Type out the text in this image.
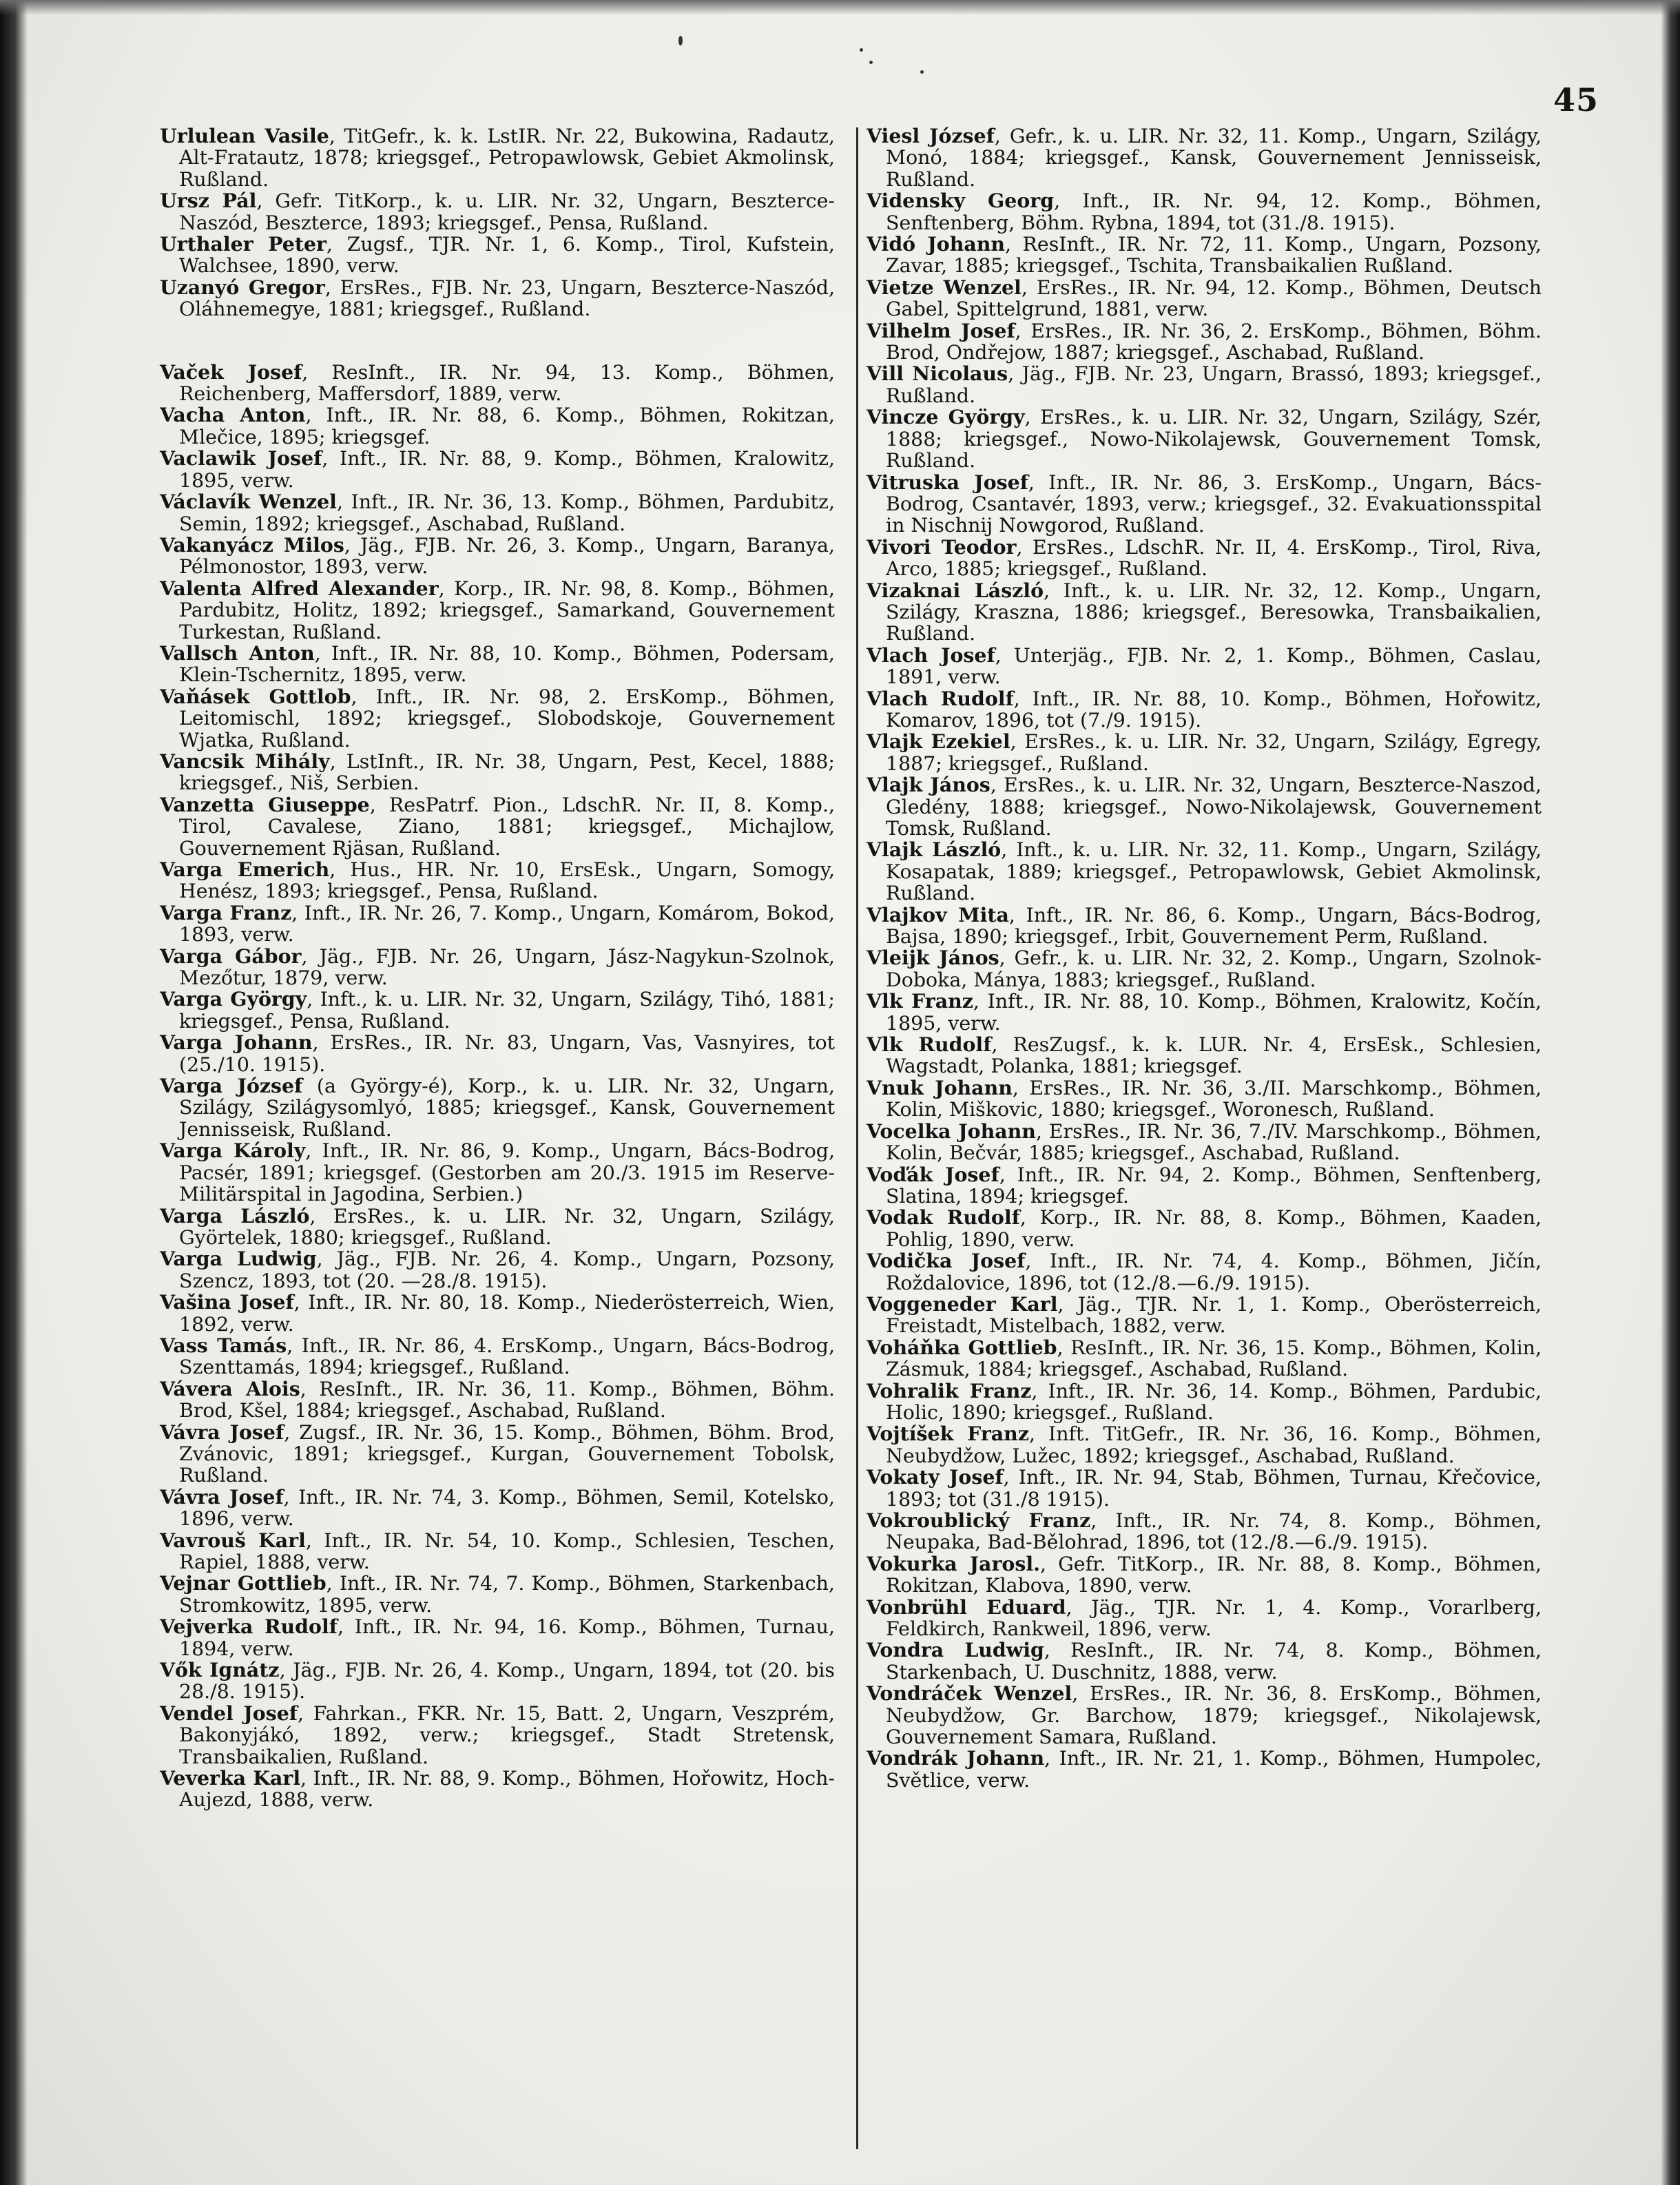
45

Urlulean Vasile, TitGefr., k. k. LstIR. Nr. 22, Bukowina, Radautz, Alt-Fratautz, 1878; kriegsgef., Petropawlowsk, Gebiet Akmolinsk, Rußland.

Ursz Pál, Gefr. TitKorp., k. u. LIR. Nr. 32, Ungarn, Beszterce-Naszód, Beszterce, 1893; kriegsgef., Pensa, Rußland.

Urthaler Peter, Zugsf., TJR. Nr. 1, 6. Komp., Tirol, Kufstein, Walchsee, 1890, verw.

Uzanyó Gregor, ErsRes., FJB. Nr. 23, Ungarn, Beszterce-Naszód, Oláhnemegye, 1881; kriegsgef., Rußland.

Vaček Josef, ResInft., IR. Nr. 94, 13. Komp., Böhmen, Reichenberg, Maffersdorf, 1889, verw.

Vacha Anton, Inft., IR. Nr. 88, 6. Komp., Böhmen, Rokitzan, Mlečice, 1895; kriegsgef.

Vaclawik Josef, Inft., IR. Nr. 88, 9. Komp., Böhmen, Kralowitz, 1895, verw.

Václavík Wenzel, Inft., IR. Nr. 36, 13. Komp., Böhmen, Pardubitz, Semin, 1892; kriegsgef., Aschabad, Rußland.

Vakanyácz Milos, Jäg., FJB. Nr. 26, 3. Komp., Ungarn, Baranya, Pélmonostor, 1893, verw.

Valenta Alfred Alexander, Korp., IR. Nr. 98, 8. Komp., Böhmen, Pardubitz, Holitz, 1892; kriegsgef., Samarkand, Gouvernement Turkestan, Rußland.

Vallsch Anton, Inft., IR. Nr. 88, 10. Komp., Böhmen, Podersam, Klein-Tschernitz, 1895, verw.

Vaňásek Gottlob, Inft., IR. Nr. 98, 2. ErsKomp., Böhmen, Leitomischl, 1892; kriegsgef., Slobodskoje, Gouvernement Wjatka, Rußland.

Vancsik Mihály, LstInft., IR. Nr. 38, Ungarn, Pest, Kecel, 1888; kriegsgef., Niš, Serbien.

Vanzetta Giuseppe, ResPatrf. Pion., LdschR. Nr. II, 8. Komp., Tirol, Cavalese, Ziano, 1881; kriegsgef., Michajlow, Gouvernement Rjäsan, Rußland.

Varga Emerich, Hus., HR. Nr. 10, ErsEsk., Ungarn, Somogy, Henész, 1893; kriegsgef., Pensa, Rußland.

Varga Franz, Inft., IR. Nr. 26, 7. Komp., Ungarn, Komárom, Bokod, 1893, verw.

Varga Gábor, Jäg., FJB. Nr. 26, Ungarn, Jász-Nagykun-Szolnok, Mezőtur, 1879, verw.

Varga György, Inft., k. u. LIR. Nr. 32, Ungarn, Szilágy, Tihó, 1881; kriegsgef., Pensa, Rußland.

Varga Johann, ErsRes., IR. Nr. 83, Ungarn, Vas, Vasnyires, tot (25./10. 1915).

Varga József (a György-é), Korp., k. u. LIR. Nr. 32, Ungarn, Szilágy, Szilágysomlyó, 1885; kriegsgef., Kansk, Gouvernement Jennisseisk, Rußland.

Varga Károly, Inft., IR. Nr. 86, 9. Komp., Ungarn, Bács-Bodrog, Pacsér, 1891; kriegsgef. (Gestorben am 20./3. 1915 im Reserve-Militärspital in Jagodina, Serbien.)

Varga László, ErsRes., k. u. LIR. Nr. 32, Ungarn, Szilágy, Györtelek, 1880; kriegsgef., Rußland.

Varga Ludwig, Jäg., FJB. Nr. 26, 4. Komp., Ungarn, Pozsony, Szencz, 1893, tot (20. —28./8. 1915).

Vašina Josef, Inft., IR. Nr. 80, 18. Komp., Niederösterreich, Wien, 1892, verw.

Vass Tamás, Inft., IR. Nr. 86, 4. ErsKomp., Ungarn, Bács-Bodrog, Szenttamás, 1894; kriegsgef., Rußland.

Vávera Alois, ResInft., IR. Nr. 36, 11. Komp., Böhmen, Böhm. Brod, Kšel, 1884; kriegsgef., Aschabad, Rußland.

Vávra Josef, Zugsf., IR. Nr. 36, 15. Komp., Böhmen, Böhm. Brod, Zvánovic, 1891; kriegsgef., Kurgan, Gouvernement Tobolsk, Rußland.

Vávra Josef, Inft., IR. Nr. 74, 3. Komp., Böhmen, Semil, Kotelsko, 1896, verw.

Vavrouš Karl, Inft., IR. Nr. 54, 10. Komp., Schlesien, Teschen, Rapiel, 1888, verw.

Vejnar Gottlieb, Inft., IR. Nr. 74, 7. Komp., Böhmen, Starkenbach, Stromkowitz, 1895, verw.

Vejverka Rudolf, Inft., IR. Nr. 94, 16. Komp., Böhmen, Turnau, 1894, verw.

Vők Ignátz, Jäg., FJB. Nr. 26, 4. Komp., Ungarn, 1894, tot (20. bis 28./8. 1915).

Vendel Josef, Fahrkan., FKR. Nr. 15, Batt. 2, Ungarn, Veszprém, Bakonyjákó, 1892, verw.; kriegsgef., Stadt Stretensk, Transbaikalien, Rußland.

Veverka Karl, Inft., IR. Nr. 88, 9. Komp., Böhmen, Hořowitz, Hoch-Aujezd, 1888, verw.

Viesl József, Gefr., k. u. LIR. Nr. 32, 11. Komp., Ungarn, Szilágy, Monó, 1884; kriegsgef., Kansk, Gouvernement Jennisseisk, Rußland.

Vidensky Georg, Inft., IR. Nr. 94, 12. Komp., Böhmen, Senftenberg, Böhm. Rybna, 1894, tot (31./8. 1915).

Vidó Johann, ResInft., IR. Nr. 72, 11. Komp., Ungarn, Pozsony, Zavar, 1885; kriegsgef., Tschita, Transbaikalien Rußland.

Vietze Wenzel, ErsRes., IR. Nr. 94, 12. Komp., Böhmen, Deutsch Gabel, Spittelgrund, 1881, verw.

Vilhelm Josef, ErsRes., IR. Nr. 36, 2. ErsKomp., Böhmen, Böhm. Brod, Ondřejow, 1887; kriegsgef., Aschabad, Rußland.

Vill Nicolaus, Jäg., FJB. Nr. 23, Ungarn, Brassó, 1893; kriegsgef., Rußland.

Vincze György, ErsRes., k. u. LIR. Nr. 32, Ungarn, Szilágy, Szér, 1888; kriegsgef., Nowo-Nikolajewsk, Gouvernement Tomsk, Rußland.

Vitruska Josef, Inft., IR. Nr. 86, 3. ErsKomp., Ungarn, Bács-Bodrog, Csantavér, 1893, verw.; kriegsgef., 32. Evakuationsspital in Nischnij Nowgorod, Rußland.

Vivori Teodor, ErsRes., LdschR. Nr. II, 4. ErsKomp., Tirol, Riva, Arco, 1885; kriegsgef., Rußland.

Vizaknai László, Inft., k. u. LIR. Nr. 32, 12. Komp., Ungarn, Szilágy, Kraszna, 1886; kriegsgef., Beresowka, Transbaikalien, Rußland.

Vlach Josef, Unterjäg., FJB. Nr. 2, 1. Komp., Böhmen, Caslau, 1891, verw.

Vlach Rudolf, Inft., IR. Nr. 88, 10. Komp., Böhmen, Hořowitz, Komarov, 1896, tot (7./9. 1915).

Vlajk Ezekiel, ErsRes., k. u. LIR. Nr. 32, Ungarn, Szilágy, Egregy, 1887; kriegsgef., Rußland.

Vlajk János, ErsRes., k. u. LIR. Nr. 32, Ungarn, Beszterce-Naszod, Gledény, 1888; kriegsgef., Nowo-Nikolajewsk, Gouvernement Tomsk, Rußland.

Vlajk László, Inft., k. u. LIR. Nr. 32, 11. Komp., Ungarn, Szilágy, Kosapatak, 1889; kriegsgef., Petropawlowsk, Gebiet Akmolinsk, Rußland.

Vlajkov Mita, Inft., IR. Nr. 86, 6. Komp., Ungarn, Bács-Bodrog, Bajsa, 1890; kriegsgef., Irbit, Gouvernement Perm, Rußland.

Vleijk János, Gefr., k. u. LIR. Nr. 32, 2. Komp., Ungarn, Szolnok-Doboka, Mánya, 1883; kriegsgef., Rußland.

Vlk Franz, Inft., IR. Nr. 88, 10. Komp., Böhmen, Kralowitz, Kočín, 1895, verw.

Vlk Rudolf, ResZugsf., k. k. LUR. Nr. 4, ErsEsk., Schlesien, Wagstadt, Polanka, 1881; kriegsgef.

Vnuk Johann, ErsRes., IR. Nr. 36, 3./II. Marschkomp., Böhmen, Kolin, Miškovic, 1880; kriegsgef., Woronesch, Rußland.

Vocelka Johann, ErsRes., IR. Nr. 36, 7./IV. Marschkomp., Böhmen, Kolin, Bečvár, 1885; kriegsgef., Aschabad, Rußland.

Voďák Josef, Inft., IR. Nr. 94, 2. Komp., Böhmen, Senftenberg, Slatina, 1894; kriegsgef.

Vodak Rudolf, Korp., IR. Nr. 88, 8. Komp., Böhmen, Kaaden, Pohlig, 1890, verw.

Vodička Josef, Inft., IR. Nr. 74, 4. Komp., Böhmen, Jičín, Roždalovice, 1896, tot (12./8.—6./9. 1915).

Voggeneder Karl, Jäg., TJR. Nr. 1, 1. Komp., Oberösterreich, Freistadt, Mistelbach, 1882, verw.

Voháňka Gottlieb, ResInft., IR. Nr. 36, 15. Komp., Böhmen, Kolin, Zásmuk, 1884; kriegsgef., Aschabad, Rußland.

Vohralik Franz, Inft., IR. Nr. 36, 14. Komp., Böhmen, Pardubic, Holic, 1890; kriegsgef., Rußland.

Vojtíšek Franz, Inft. TitGefr., IR. Nr. 36, 16. Komp., Böhmen, Neubydžow, Lužec, 1892; kriegsgef., Aschabad, Rußland.

Vokaty Josef, Inft., IR. Nr. 94, Stab, Böhmen, Turnau, Křečovice, 1893; tot (31./8 1915).

Vokroublický Franz, Inft., IR. Nr. 74, 8. Komp., Böhmen, Neupaka, Bad-Bělohrad, 1896, tot (12./8.—6./9. 1915).

Vokurka Jarosl., Gefr. TitKorp., IR. Nr. 88, 8. Komp., Böhmen, Rokitzan, Klabova, 1890, verw.

Vonbrühl Eduard, Jäg., TJR. Nr. 1, 4. Komp., Vorarlberg, Feldkirch, Rankweil, 1896, verw.

Vondra Ludwig, ResInft., IR. Nr. 74, 8. Komp., Böhmen, Starkenbach, U. Duschnitz, 1888, verw.

Vondráček Wenzel, ErsRes., IR. Nr. 36, 8. ErsKomp., Böhmen, Neubydžow, Gr. Barchow, 1879; kriegsgef., Nikolajewsk, Gouvernement Samara, Rußland.

Vondrák Johann, Inft., IR. Nr. 21, 1. Komp., Böhmen, Humpolec, Světlice, verw.
